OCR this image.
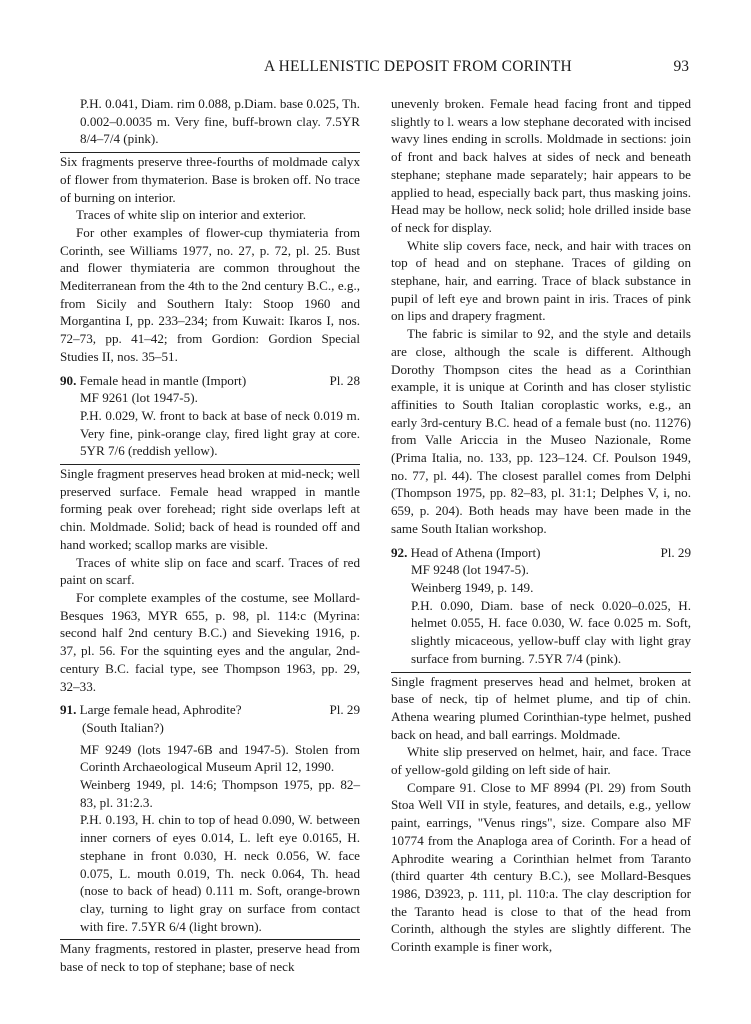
A HELLENISTIC DEPOSIT FROM CORINTH	93

P.H. 0.041, Diam. rim 0.088, p.Diam. base 0.025, Th. 0.002–0.0035 m. Very fine, buff-brown clay. 7.5YR 8/4–7/4 (pink).

Six fragments preserve three-fourths of moldmade calyx of flower from thymaterion. Base is broken off. No trace of burning on interior.

Traces of white slip on interior and exterior.

For other examples of flower-cup thymiateria from Corinth, see Williams 1977, no. 27, p. 72, pl. 25. Bust and flower thymiateria are common throughout the Mediterranean from the 4th to the 2nd century B.C., e.g., from Sicily and Southern Italy: Stoop 1960 and Morgantina I, pp. 233–234; from Kuwait: Ikaros I, nos. 72–73, pp. 41–42; from Gordion: Gordion Special Studies II, nos. 35–51.

90. Female head in mantle (Import)	Pl. 28

MF 9261 (lot 1947-5).

P.H. 0.029, W. front to back at base of neck 0.019 m. Very fine, pink-orange clay, fired light gray at core. 5YR 7/6 (reddish yellow).

Single fragment preserves head broken at mid-neck; well preserved surface. Female head wrapped in mantle forming peak over forehead; right side overlaps left at chin. Moldmade. Solid; back of head is rounded off and hand worked; scallop marks are visible.

Traces of white slip on face and scarf. Traces of red paint on scarf.

For complete examples of the costume, see Mollard-Besques 1963, MYR 655, p. 98, pl. 114:c (Myrina: second half 2nd century B.C.) and Sieveking 1916, p. 37, pl. 56. For the squinting eyes and the angular, 2nd-century B.C. facial type, see Thompson 1963, pp. 29, 32–33.

91. Large female head, Aphrodite?	Pl. 29

(South Italian?)

MF 9249 (lots 1947-6B and 1947-5). Stolen from Corinth Archaeological Museum April 12, 1990.

Weinberg 1949, pl. 14:6; Thompson 1975, pp. 82–83, pl. 31:2.3.

P.H. 0.193, H. chin to top of head 0.090, W. between inner corners of eyes 0.014, L. left eye 0.0165, H. stephane in front 0.030, H. neck 0.056, W. face 0.075, L. mouth 0.019, Th. neck 0.064, Th. head (nose to back of head) 0.111 m. Soft, orange-brown clay, turning to light gray on surface from contact with fire. 7.5YR 6/4 (light brown).

Many fragments, restored in plaster, preserve head from base of neck to top of stephane; base of neck

unevenly broken. Female head facing front and tipped slightly to l. wears a low stephane decorated with incised wavy lines ending in scrolls. Moldmade in sections: join of front and back halves at sides of neck and beneath stephane; stephane made separately; hair appears to be applied to head, especially back part, thus masking joins. Head may be hollow, neck solid; hole drilled inside base of neck for display.

White slip covers face, neck, and hair with traces on top of head and on stephane. Traces of gilding on stephane, hair, and earring. Trace of black substance in pupil of left eye and brown paint in iris. Traces of pink on lips and drapery fragment.

The fabric is similar to 92, and the style and details are close, although the scale is different. Although Dorothy Thompson cites the head as a Corinthian example, it is unique at Corinth and has closer stylistic affinities to South Italian coroplastic works, e.g., an early 3rd-century B.C. head of a female bust (no. 11276) from Valle Ariccia in the Museo Nazionale, Rome (Prima Italia, no. 133, pp. 123–124. Cf. Poulson 1949, no. 77, pl. 44). The closest parallel comes from Delphi (Thompson 1975, pp. 82–83, pl. 31:1; Delphes V, i, no. 659, p. 204). Both heads may have been made in the same South Italian workshop.

92. Head of Athena (Import)	Pl. 29

MF 9248 (lot 1947-5).

Weinberg 1949, p. 149.

P.H. 0.090, Diam. base of neck 0.020–0.025, H. helmet 0.055, H. face 0.030, W. face 0.025 m. Soft, slightly micaceous, yellow-buff clay with light gray surface from burning. 7.5YR 7/4 (pink).

Single fragment preserves head and helmet, broken at base of neck, tip of helmet plume, and tip of chin. Athena wearing plumed Corinthian-type helmet, pushed back on head, and ball earrings. Moldmade.

White slip preserved on helmet, hair, and face. Trace of yellow-gold gilding on left side of hair.

Compare 91. Close to MF 8994 (Pl. 29) from South Stoa Well VII in style, features, and details, e.g., yellow paint, earrings, "Venus rings", size. Compare also MF 10774 from the Anaploga area of Corinth. For a head of Aphrodite wearing a Corinthian helmet from Taranto (third quarter 4th century B.C.), see Mollard-Besques 1986, D3923, p. 111, pl. 110:a. The clay description for the Taranto head is close to that of the head from Corinth, although the styles are slightly different. The Corinth example is finer work,
